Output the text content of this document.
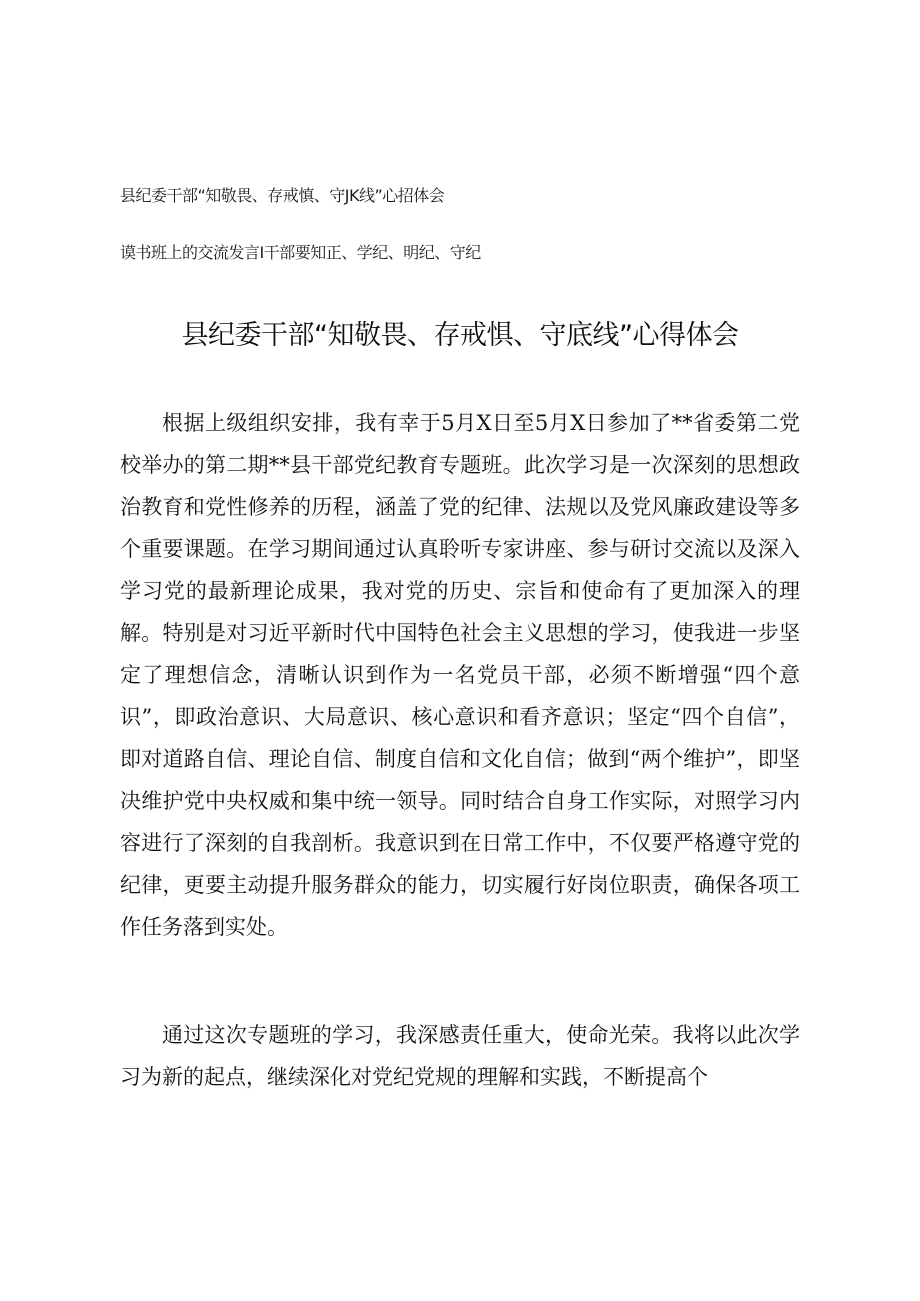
县纪委干部“知敬畏、存戒慎、守JK线”心招体会
谟书班上的交流发言I干部要知正、学纪、明纪、守纪
县纪委干部“知敬畏、存戒惧、守底线”心得体会

根据上级组织安排，我有幸于5月X日至5月X日参加了**省委第二党校举办的第二期**县干部党纪教育专题班。此次学习是一次深刻的思想政治教育和党性修养的历程，涵盖了党的纪律、法规以及党风廉政建设等多个重要课题。在学习期间通过认真聆听专家讲座、参与研讨交流以及深入学习党的最新理论成果，我对党的历史、宗旨和使命有了更加深入的理解。特别是对习近平新时代中国特色社会主义思想的学习，使我进一步坚定了理想信念，清晰认识到作为一名党员干部，必须不断增强“四个意识”，即政治意识、大局意识、核心意识和看齐意识；坚定“四个自信”，即对道路自信、理论自信、制度自信和文化自信；做到“两个维护”，即坚决维护党中央权威和集中统一领导。同时结合自身工作实际，对照学习内容进行了深刻的自我剖析。我意识到在日常工作中，不仅要严格遵守党的纪律，更要主动提升服务群众的能力，切实履行好岗位职责，确保各项工作任务落到实处。

通过这次专题班的学习，我深感责任重大，使命光荣。我将以此次学习为新的起点，继续深化对党纪党规的理解和实践，不断提高个
